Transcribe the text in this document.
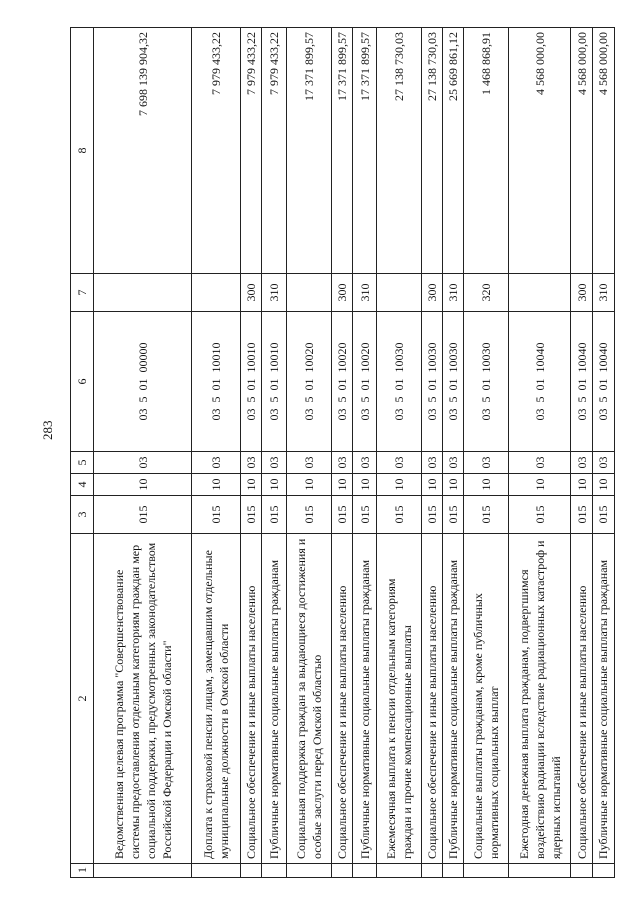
283
1	2	3	4	5	6	7	8
	Ведомственная целевая программа "Совершенствование системы предоставления отдельным категориям граждан мер социальной поддержки, предусмотренных законодательством Российской Федерации и Омской области"	015	10	03	03  5  01  00000		7 698 139 904,32
	Доплата к страховой пенсии лицам, замещавшим отдельные муниципальные должности в Омской области	015	10	03	03  5  01  10010		7 979 433,22
	Социальное обеспечение и иные выплаты населению	015	10	03	03  5  01  10010	300	7 979 433,22
	Публичные нормативные социальные выплаты гражданам	015	10	03	03  5  01  10010	310	7 979 433,22
	Социальная поддержка граждан за выдающиеся достижения и особые заслуги перед Омской областью	015	10	03	03  5  01  10020		17 371 899,57
	Социальное обеспечение и иные выплаты населению	015	10	03	03  5  01  10020	300	17 371 899,57
	Публичные нормативные социальные выплаты гражданам	015	10	03	03  5  01  10020	310	17 371 899,57
	Ежемесячная выплата к пенсии отдельным категориям граждан и прочие компенсационные выплаты	015	10	03	03  5  01  10030		27 138 730,03
	Социальное обеспечение и иные выплаты населению	015	10	03	03  5  01  10030	300	27 138 730,03
	Публичные нормативные социальные выплаты гражданам	015	10	03	03  5  01  10030	310	25 669 861,12
	Социальные выплаты гражданам, кроме публичных нормативных социальных выплат	015	10	03	03  5  01  10030	320	1 468 868,91
	Ежегодная денежная выплата гражданам, подвергшимся воздействию радиации вследствие радиационных катастроф и ядерных испытаний	015	10	03	03  5  01  10040		4 568 000,00
	Социальное обеспечение и иные выплаты населению	015	10	03	03  5  01  10040	300	4 568 000,00
	Публичные нормативные социальные выплаты гражданам	015	10	03	03  5  01  10040	310	4 568 000,00
